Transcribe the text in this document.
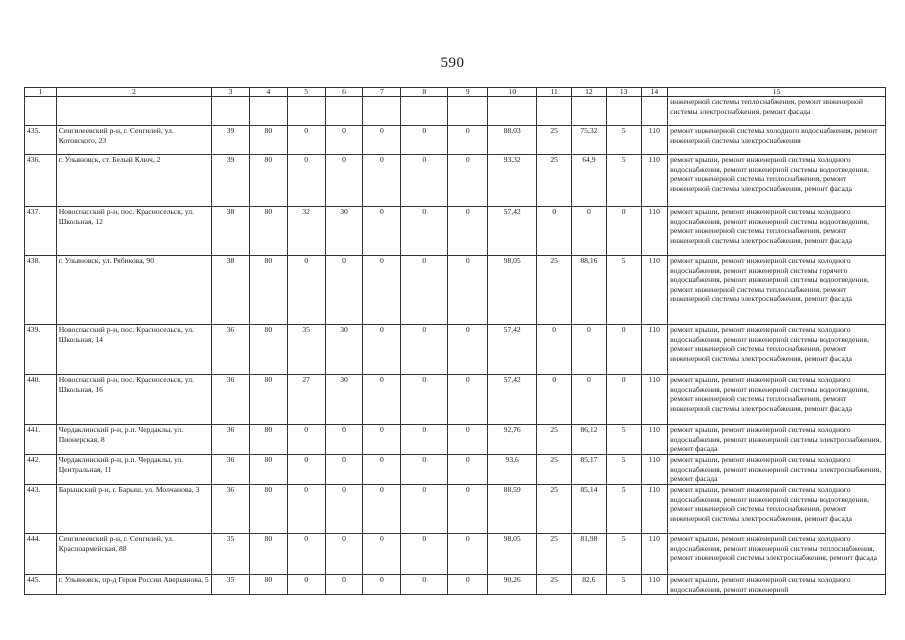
590
1	2	3	4	5	6	7	8	9	10	11	12	13	14	15
														инженерной системы теплоснабжения, ремонт инженерной системы электроснабжения, ремонт фасада
435.	Сенгилеевский р-н, г. Сенгилей, ул. Котовского, 23	39	80	0	0	0	0	0	88,03	25	75,32	5	110	ремонт инженерной системы холодного водоснабжения, ремонт инженерной системы электроснабжения
436.	г. Ульяновск, ст. Белый Ключ, 2	39	80	0	0	0	0	0	93,32	25	64,9	5	110	ремонт крыши, ремонт инженерной системы холодного водоснабжения, ремонт инженерной системы водоотведения, ремонт инженерной системы теплоснабжения, ремонт инженерной системы электроснабжения, ремонт фасада
437.	Новоспасский р-н, пос. Красносельск, ул. Школьная, 12	38	80	32	30	0	0	0	57,42	0	0	0	110	ремонт крыши, ремонт инженерной системы холодного водоснабжения, ремонт инженерной системы водоотведения, ремонт инженерной системы теплоснабжения, ремонт инженерной системы электроснабжения, ремонт фасада
438.	г. Ульяновск, ул. Рябикова, 90	38	80	0	0	0	0	0	98,05	25	88,16	5	110	ремонт крыши, ремонт инженерной системы холодного водоснабжения, ремонт инженерной системы горячего водоснабжения, ремонт инженерной системы водоотведения, ремонт инженерной системы теплоснабжения, ремонт инженерной системы электроснабжения, ремонт фасада
439.	Новоспасский р-н, пос. Красносельск, ул. Школьная, 14	36	80	35	30	0	0	0	57,42	0	0	0	110	ремонт крыши, ремонт инженерной системы холодного водоснабжения, ремонт инженерной системы водоотведения, ремонт инженерной системы теплоснабжения, ремонт инженерной системы электроснабжения, ремонт фасада
440.	Новоспасский р-н, пос. Красносельск, ул. Школьная, 16	36	80	27	30	0	0	0	57,42	0	0	0	110	ремонт крыши, ремонт инженерной системы холодного водоснабжения, ремонт инженерной системы водоотведения, ремонт инженерной системы теплоснабжения, ремонт инженерной системы электроснабжения, ремонт фасада
441.	Чердаклинский р-н, р.п. Чердаклы, ул. Пионерская, 8	36	80	0	0	0	0	0	92,76	25	86,12	5	110	ремонт крыши, ремонт инженерной системы холодного водоснабжения, ремонт инженерной системы электроснабжения, ремонт фасада
442.	Чердаклинский р-н, р.п. Чердаклы, ул. Центральная, 11	36	80	0	0	0	0	0	93,6	25	85,17	5	110	ремонт крыши, ремонт инженерной системы холодного водоснабжения, ремонт инженерной системы электроснабжения, ремонт фасада
443.	Барышский р-н, г. Барыш, ул. Молчанова, 3	36	80	0	0	0	0	0	88,59	25	85,14	5	110	ремонт крыши, ремонт инженерной системы холодного водоснабжения, ремонт инженерной системы водоотведения, ремонт инженерной системы теплоснабжения, ремонт инженерной системы электроснабжения, ремонт фасада
444.	Сенгилеевский р-н, г. Сенгилей, ул. Красноармейская, 88	35	80	0	0	0	0	0	98,05	25	81,98	5	110	ремонт крыши, ремонт инженерной системы холодного водоснабжения, ремонт инженерной системы теплоснабжения, ремонт инженерной системы электроснабжения, ремонт фасада
445.	г. Ульяновск, пр-д Героя России Аверьянова, 5	35	80	0	0	0	0	0	90,26	25	82,6	5	110	ремонт крыши, ремонт инженерной системы холодного водоснабжения, ремонт инженерной
